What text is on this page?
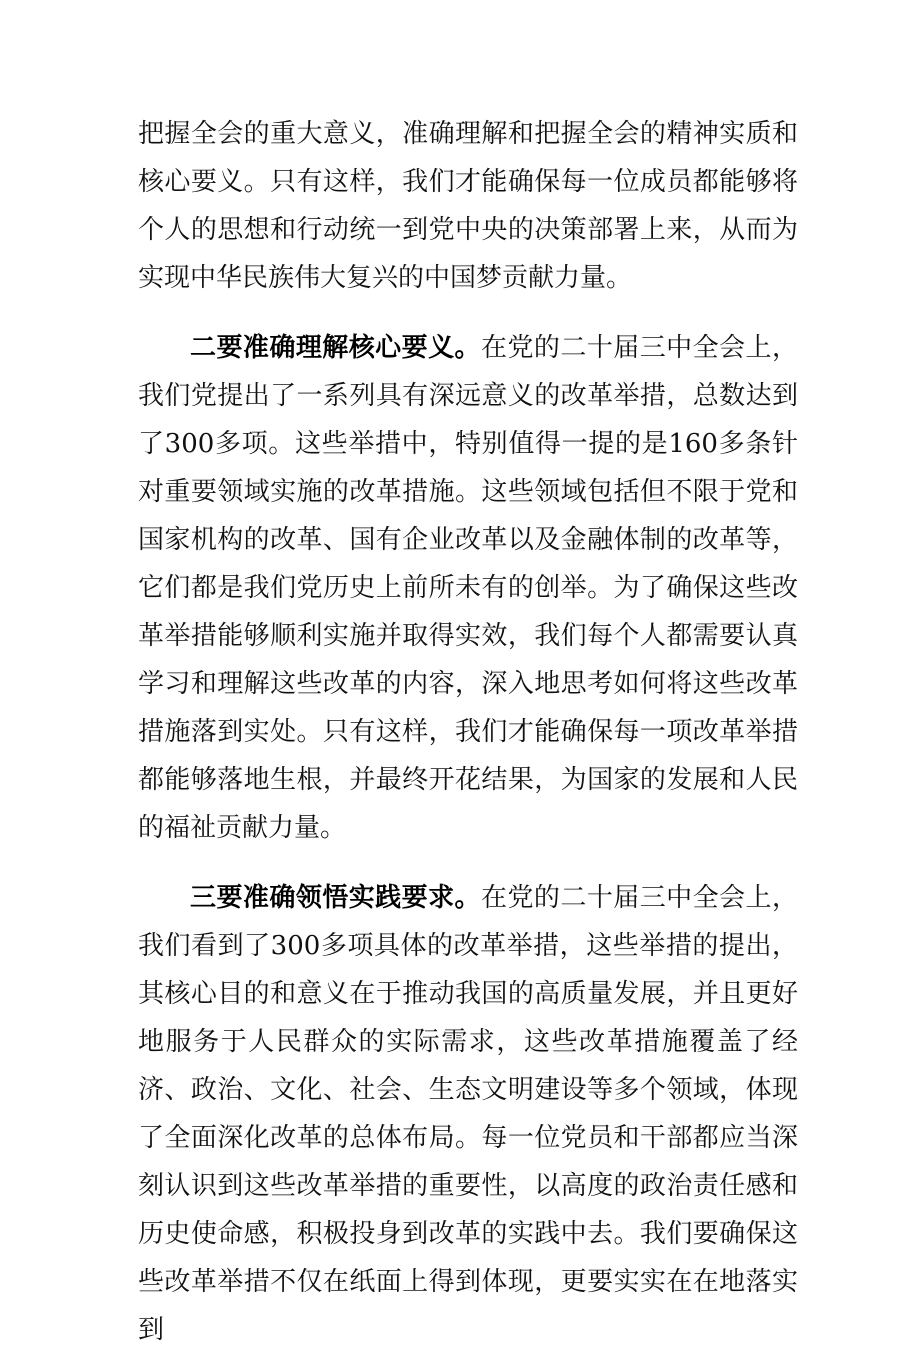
把握全会的重大意义，准确理解和把握全会的精神实质和核心要义。只有这样，我们才能确保每一位成员都能够将个人的思想和行动统一到党中央的决策部署上来，从而为实现中华民族伟大复兴的中国梦贡献力量。

二要准确理解核心要义。在党的二十届三中全会上，我们党提出了一系列具有深远意义的改革举措，总数达到了300多项。这些举措中，特别值得一提的是160多条针对重要领域实施的改革措施。这些领域包括但不限于党和国家机构的改革、国有企业改革以及金融体制的改革等，它们都是我们党历史上前所未有的创举。为了确保这些改革举措能够顺利实施并取得实效，我们每个人都需要认真学习和理解这些改革的内容，深入地思考如何将这些改革措施落到实处。只有这样，我们才能确保每一项改革举措都能够落地生根，并最终开花结果，为国家的发展和人民的福祉贡献力量。

三要准确领悟实践要求。在党的二十届三中全会上，我们看到了300多项具体的改革举措，这些举措的提出，其核心目的和意义在于推动我国的高质量发展，并且更好地服务于人民群众的实际需求，这些改革措施覆盖了经济、政治、文化、社会、生态文明建设等多个领域，体现了全面深化改革的总体布局。每一位党员和干部都应当深刻认识到这些改革举措的重要性，以高度的政治责任感和历史使命感，积极投身到改革的实践中去。我们要确保这些改革举措不仅在纸面上得到体现，更要实实在在地落实到
